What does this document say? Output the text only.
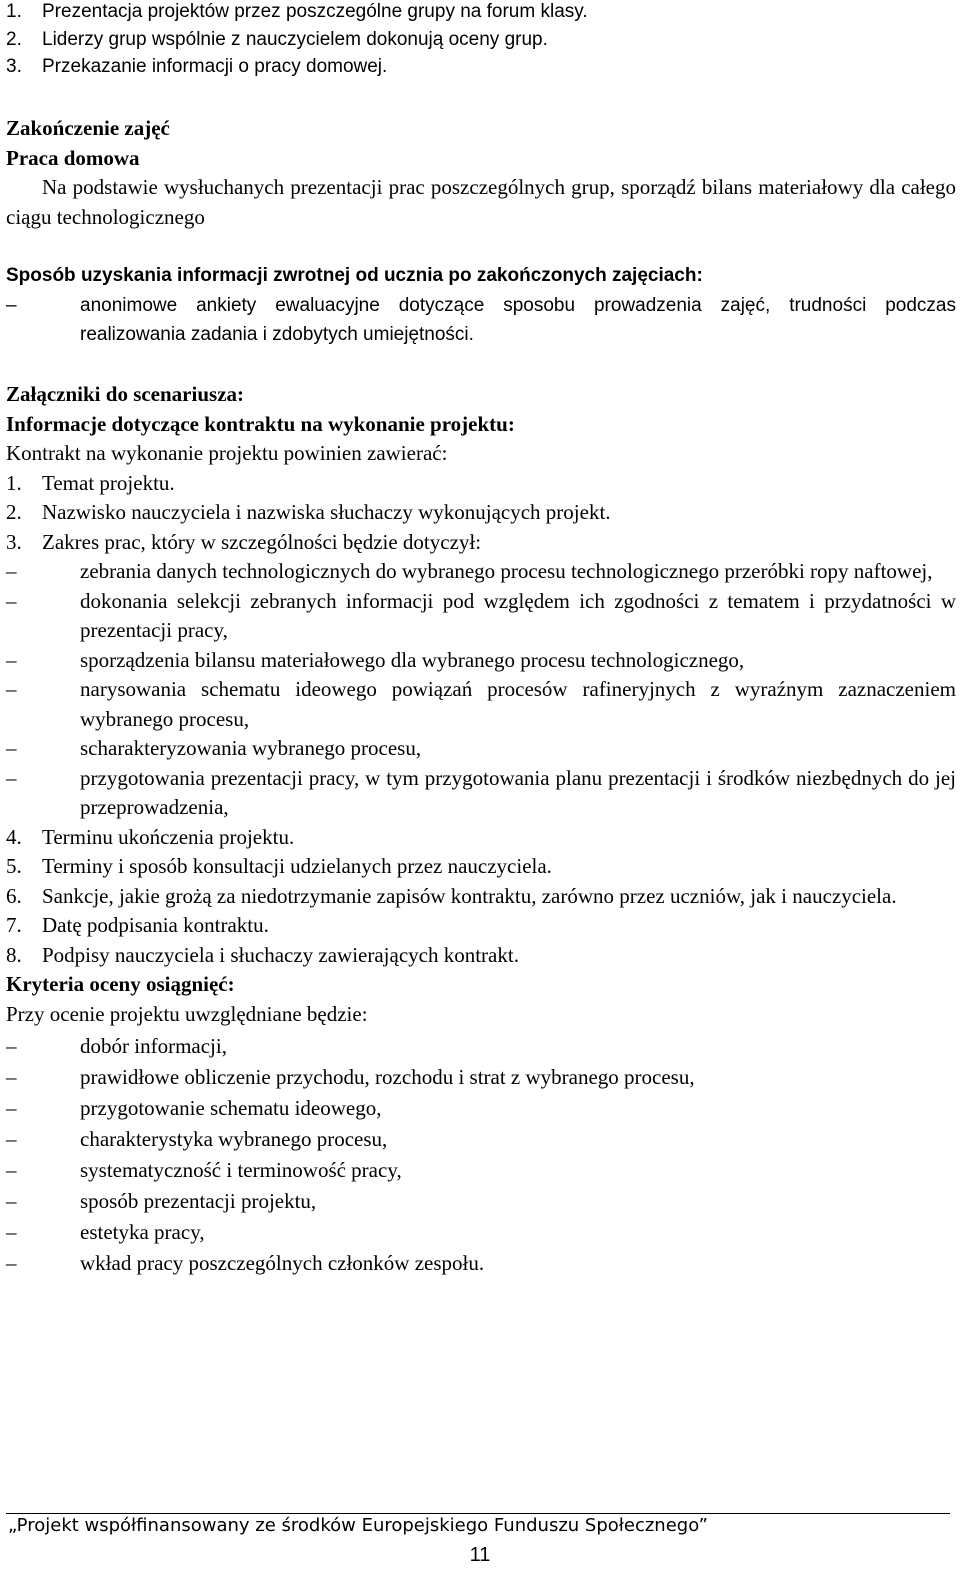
1.	Prezentacja projektów przez poszczególne grupy na forum klasy.
2.	Liderzy grup wspólnie z nauczycielem dokonują oceny grup.
3.	Przekazanie informacji o pracy domowej.
Zakończenie zajęć
Praca domowa
Na podstawie wysłuchanych prezentacji prac poszczególnych grup, sporządź bilans materiałowy dla całego ciągu technologicznego
Sposób uzyskania informacji zwrotnej od ucznia po zakończonych zajęciach:
–	anonimowe ankiety ewaluacyjne dotyczące sposobu prowadzenia zajęć, trudności podczas realizowania zadania i zdobytych umiejętności.
Załączniki do scenariusza:
Informacje dotyczące kontraktu na wykonanie projektu:
Kontrakt na wykonanie projektu powinien zawierać:
1. Temat projektu.
2. Nazwisko nauczyciela i nazwiska słuchaczy wykonujących projekt.
3. Zakres prac, który w szczególności będzie dotyczył:
–	zebrania danych technologicznych do wybranego procesu technologicznego przeróbki ropy naftowej,
–	dokonania selekcji zebranych informacji pod względem ich zgodności z tematem i przydatności w prezentacji pracy,
–	sporządzenia bilansu materiałowego dla wybranego procesu technologicznego,
–	narysowania schematu ideowego powiązań procesów rafineryjnych z wyraźnym zaznaczeniem wybranego procesu,
–	scharakteryzowania wybranego procesu,
–	przygotowania prezentacji pracy, w tym przygotowania planu prezentacji i środków niezbędnych do jej przeprowadzenia,
4. Terminu ukończenia projektu.
5. Terminy i sposób konsultacji udzielanych przez nauczyciela.
6. Sankcje, jakie grożą za niedotrzymanie zapisów kontraktu, zarówno przez uczniów, jak i nauczyciela.
7. Datę podpisania kontraktu.
8. Podpisy nauczyciela i słuchaczy zawierających kontrakt.
Kryteria oceny osiągnięć:
Przy ocenie projektu uwzględniane będzie:
–	dobór informacji,
–	prawidłowe obliczenie przychodu, rozchodu i strat z wybranego procesu,
–	przygotowanie schematu ideowego,
–	charakterystyka wybranego procesu,
–	systematyczność i terminowość pracy,
–	sposób prezentacji projektu,
–	estetyka pracy,
–	wkład pracy poszczególnych członków zespołu.
„Projekt współfinansowany ze środków Europejskiego Funduszu Społecznego”
11
